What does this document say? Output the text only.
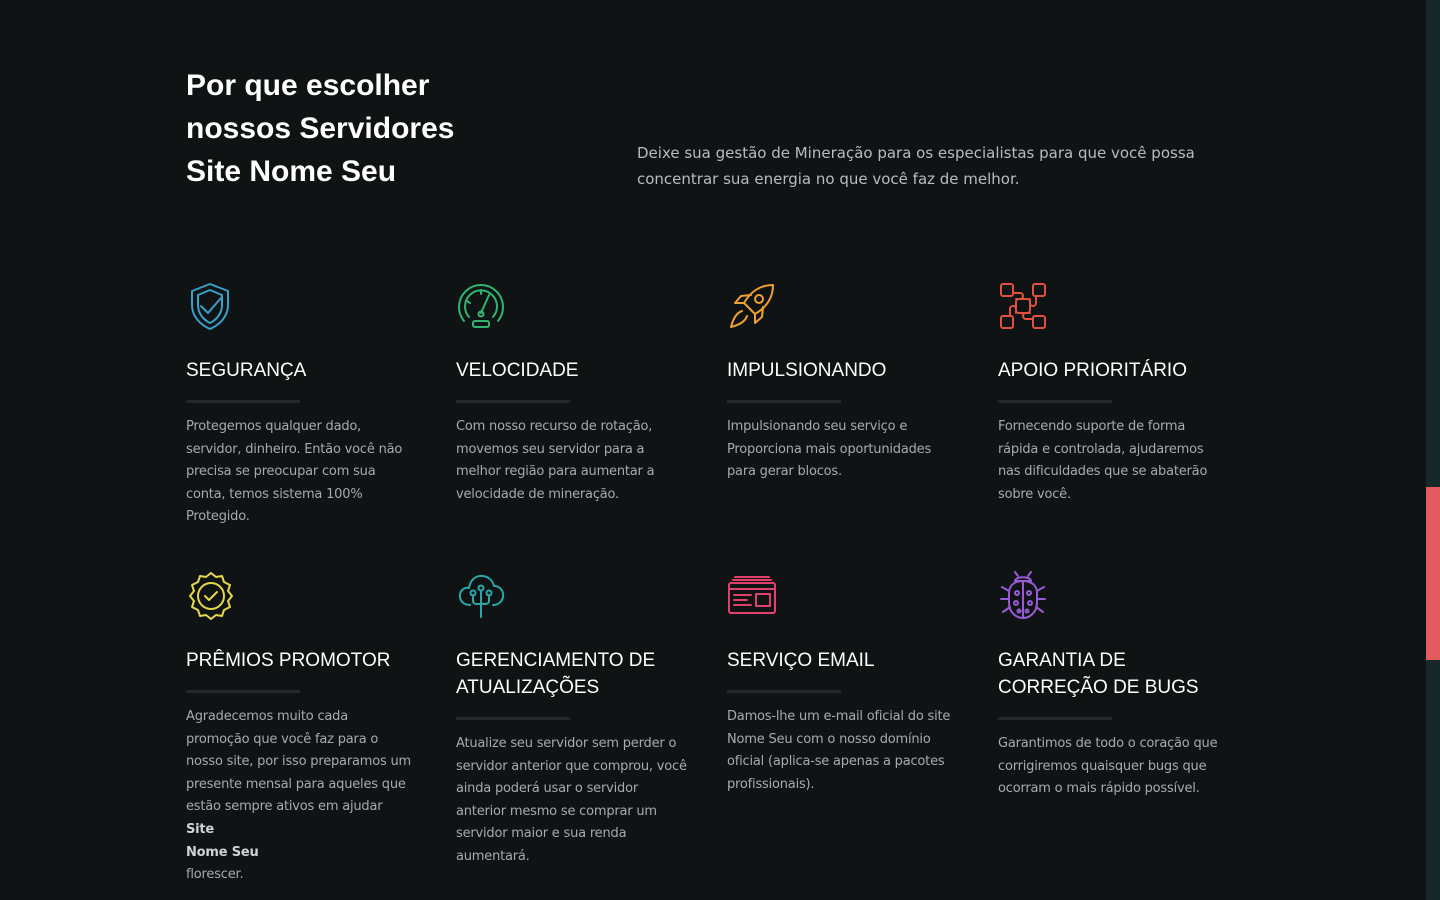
Por que escolher
nossos Servidores
Site Nome Seu
Deixe sua gestão de Mineração para os especialistas para que você possa
concentrar sua energia no que você faz de melhor.
SEGURANÇA
Protegemos qualquer dado,
servidor, dinheiro. Então você não
precisa se preocupar com sua
conta, temos sistema 100%
Protegido.
VELOCIDADE
Com nosso recurso de rotação,
movemos seu servidor para a
melhor região para aumentar a
velocidade de mineração.
IMPULSIONANDO
Impulsionando seu serviço e
Proporciona mais oportunidades
para gerar blocos.
APOIO PRIORITÁRIO
Fornecendo suporte de forma
rápida e controlada, ajudaremos
nas dificuldades que se abaterão
sobre você.
PRÊMIOS PROMOTOR
Agradecemos muito cada
promoção que você faz para o
nosso site, por isso preparamos um
presente mensal para aqueles que
estão sempre ativos em ajudar
Site
Nome Seu
florescer.
GERENCIAMENTO DE
ATUALIZAÇÕES
Atualize seu servidor sem perder o
servidor anterior que comprou, você
ainda poderá usar o servidor
anterior mesmo se comprar um
servidor maior e sua renda
aumentará.
SERVIÇO EMAIL
Damos-lhe um e-mail oficial do site
Nome Seu com o nosso domínio
oficial (aplica-se apenas a pacotes
profissionais).
GARANTIA DE
CORREÇÃO DE BUGS
Garantimos de todo o coração que
corrigiremos quaisquer bugs que
ocorram o mais rápido possível.
